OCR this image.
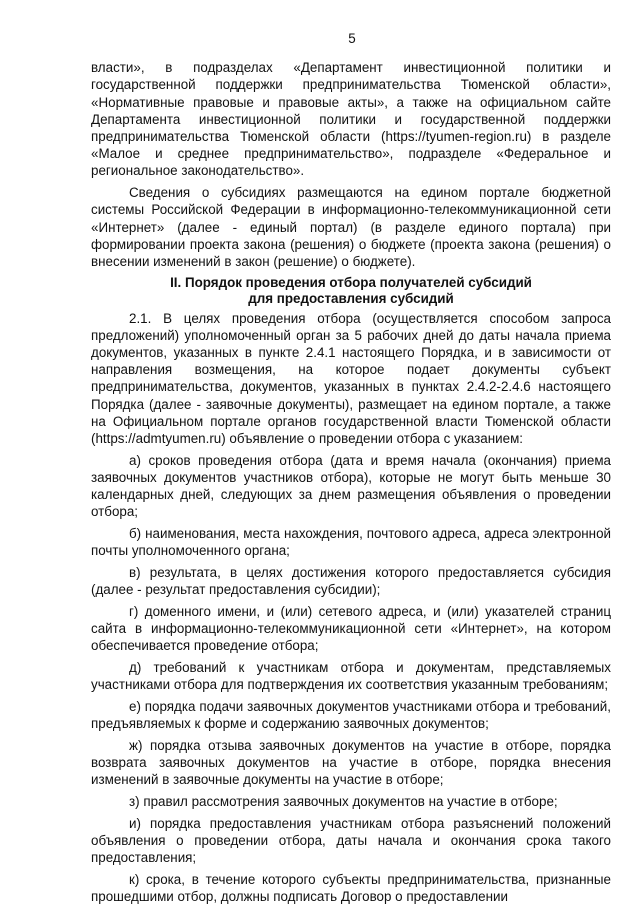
5

власти», в подразделах «Департамент инвестиционной политики и государственной поддержки предпринимательства Тюменской области», «Нормативные правовые и правовые акты», а также на официальном сайте Департамента инвестиционной политики и государственной поддержки предпринимательства Тюменской области (https://tyumen-region.ru) в разделе «Малое и среднее предпринимательство», подразделе «Федеральное и региональное законодательство».

Сведения о субсидиях размещаются на едином портале бюджетной системы Российской Федерации в информационно-телекоммуникационной сети «Интернет» (далее - единый портал) (в разделе единого портала) при формировании проекта закона (решения) о бюджете (проекта закона (решения) о внесении изменений в закон (решение) о бюджете).

II. Порядок проведения отбора получателей субсидий
для предоставления субсидий

2.1. В целях проведения отбора (осуществляется способом запроса предложений) уполномоченный орган за 5 рабочих дней до даты начала приема документов, указанных в пункте 2.4.1 настоящего Порядка, и в зависимости от направления возмещения, на которое подает документы субъект предпринимательства, документов, указанных в пунктах 2.4.2-2.4.6 настоящего Порядка (далее - заявочные документы), размещает на едином портале, а также на Официальном портале органов государственной власти Тюменской области (https://admtyumen.ru) объявление о проведении отбора с указанием:

а) сроков проведения отбора (дата и время начала (окончания) приема заявочных документов участников отбора), которые не могут быть меньше 30 календарных дней, следующих за днем размещения объявления о проведении отбора;

б) наименования, места нахождения, почтового адреса, адреса электронной почты уполномоченного органа;

в) результата, в целях достижения которого предоставляется субсидия (далее - результат предоставления субсидии);

г) доменного имени, и (или) сетевого адреса, и (или) указателей страниц сайта в информационно-телекоммуникационной сети «Интернет», на котором обеспечивается проведение отбора;

д) требований к участникам отбора и документам, представляемых участниками отбора для подтверждения их соответствия указанным требованиям;

е) порядка подачи заявочных документов участниками отбора и требований, предъявляемых к форме и содержанию заявочных документов;

ж) порядка отзыва заявочных документов на участие в отборе, порядка возврата заявочных документов на участие в отборе, порядка внесения изменений в заявочные документы на участие в отборе;

з) правил рассмотрения заявочных документов на участие в отборе;

и) порядка предоставления участникам отбора разъяснений положений объявления о проведении отбора, даты начала и окончания срока такого предоставления;

к) срока, в течение которого субъекты предпринимательства, признанные прошедшими отбор, должны подписать Договор о предоставлении
